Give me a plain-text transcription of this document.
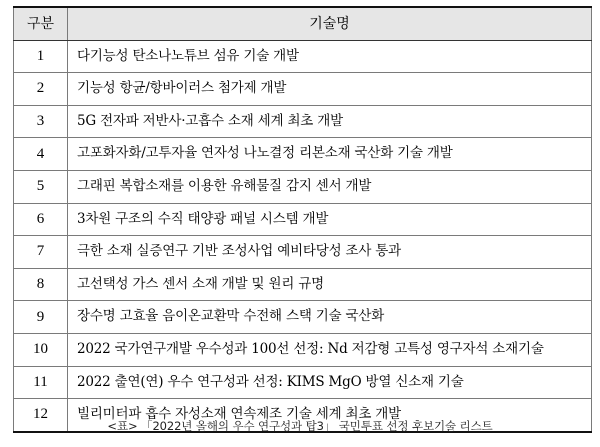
구분	기술명
1	다기능성 탄소나노튜브 섬유 기술 개발
2	기능성 항균/항바이러스 첨가제 개발
3	5G 전자파 저반사·고흡수 소재 세계 최초 개발
4	고포화자화/고투자율 연자성 나노결정 리본소재 국산화 기술 개발
5	그래핀 복합소재를 이용한 유해물질 감지 센서 개발
6	3차원 구조의 수직 태양광 패널 시스템 개발
7	극한 소재 실증연구 기반 조성사업 예비타당성 조사 통과
8	고선택성 가스 센서 소재 개발 및 원리 규명
9	장수명 고효율 음이온교환막 수전해 스택 기술 국산화
10	2022 국가연구개발 우수성과 100선 선정: Nd 저감형 고특성 영구자석 소재기술
11	2022 출연(연) 우수 연구성과 선정: KIMS MgO 방열 신소재 기술
12	빌리미터파 흡수 자성소재 연속제조 기술 세계 최초 개발
<표> 「2022년 올해의 우수 연구성과 탑3」 국민투표 선정 후보기술 리스트
